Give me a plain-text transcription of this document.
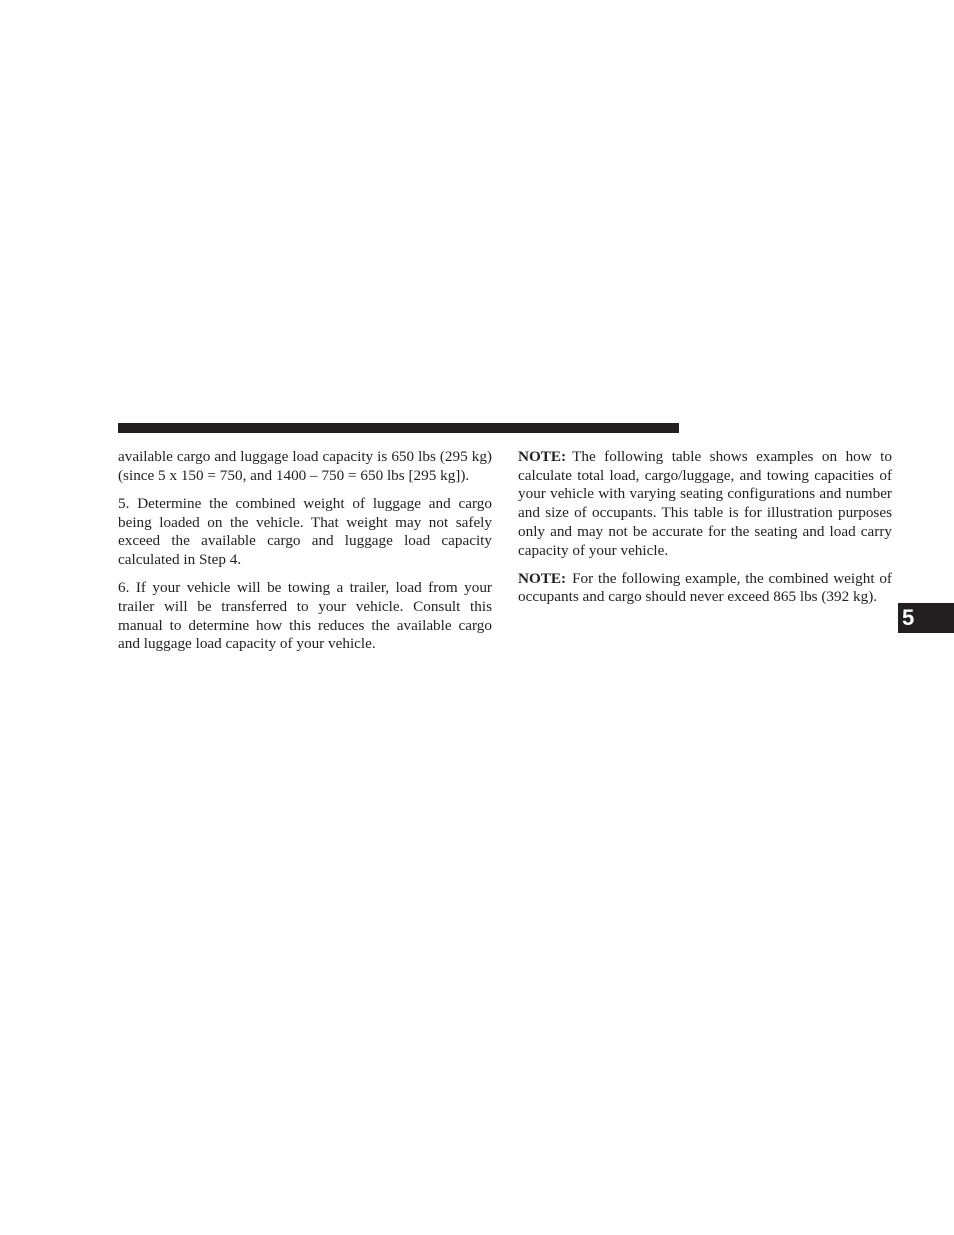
available cargo and luggage load capacity is 650 lbs (295 kg) (since 5 x 150 = 750, and 1400 – 750 = 650 lbs [295 kg]).

5. Determine the combined weight of luggage and cargo being loaded on the vehicle. That weight may not safely exceed the available cargo and luggage load capacity calculated in Step 4.

6. If your vehicle will be towing a trailer, load from your trailer will be transferred to your vehicle. Consult this manual to determine how this reduces the available cargo and luggage load capacity of your vehicle.

NOTE: The following table shows examples on how to calculate total load, cargo/luggage, and towing capacities of your vehicle with varying seating configurations and number and size of occupants. This table is for illustration purposes only and may not be accurate for the seating and load carry capacity of your vehicle.

NOTE: For the following example, the combined weight of occupants and cargo should never exceed 865 lbs (392 kg).

5
